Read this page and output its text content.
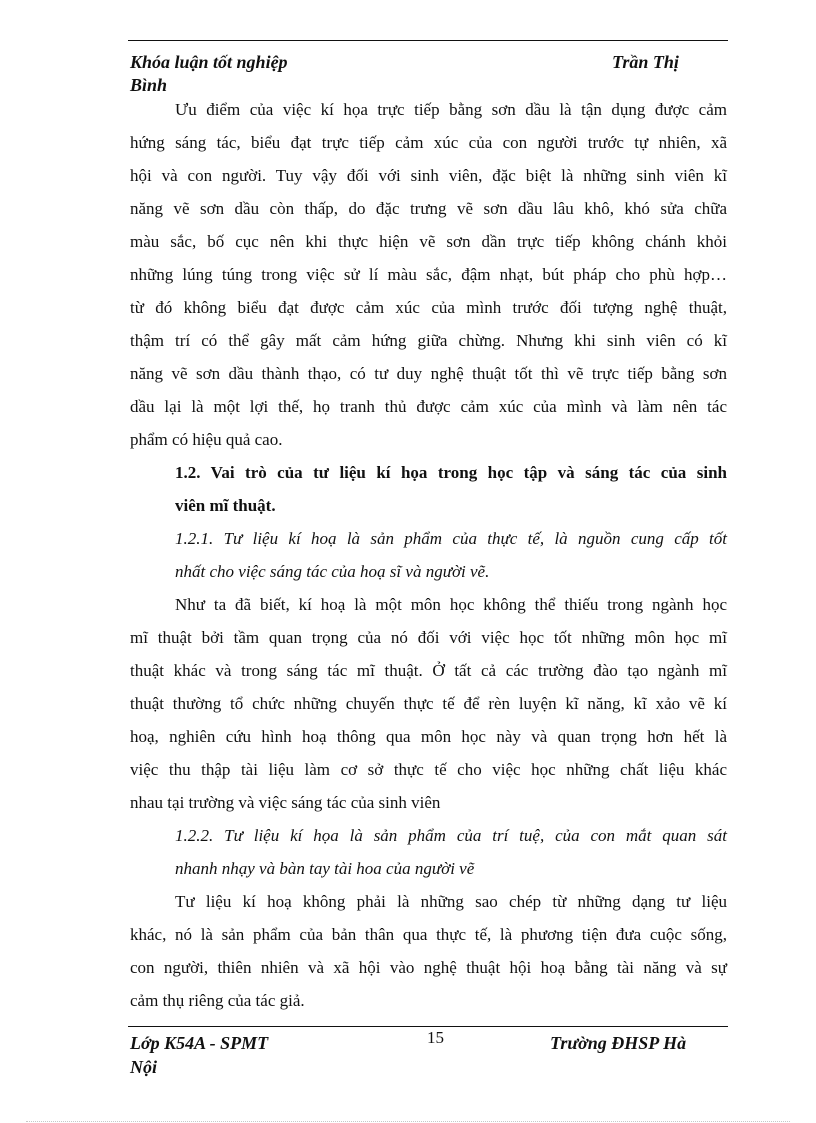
Khóa luận tốt nghiệp	Trần Thị
Bình
Ưu điểm của việc kí họa trực tiếp bằng sơn dầu là tận dụng được cảm
hứng sáng tác, biểu đạt trực tiếp cảm xúc của con người trước tự nhiên, xã
hội và con người. Tuy vậy đối với sinh viên, đặc biệt là những sinh viên kĩ
năng vẽ sơn dầu còn thấp, do đặc trưng vẽ sơn dầu lâu khô, khó sửa chữa
màu sắc, bố cục nên khi thực hiện vẽ sơn dần trực tiếp không chánh khỏi
những lúng túng trong việc sử lí màu sắc, đậm nhạt, bút pháp cho phù hợp…
từ đó không biểu đạt được cảm xúc của mình trước đối tượng nghệ thuật,
thậm trí có thể gây mất cảm hứng giữa chừng. Nhưng khi sinh viên có kĩ
năng vẽ sơn dầu thành thạo, có tư duy nghệ thuật tốt thì vẽ trực tiếp bằng sơn
dầu lại là một lợi thế, họ tranh thủ được cảm xúc của mình và làm nên tác
phẩm có hiệu quả cao.
1.2. Vai trò của tư liệu kí họa trong học tập và sáng tác của sinh
viên mĩ thuật.
1.2.1. Tư liệu kí hoạ là sản phẩm của thực tế, là nguồn cung cấp tốt
nhất cho việc sáng tác của hoạ sĩ và người vẽ.
Như ta đã biết, kí hoạ là một môn học không thể thiếu trong ngành học
mĩ thuật bởi tầm quan trọng của nó đối với việc học tốt những môn học mĩ
thuật khác và trong sáng tác mĩ thuật. Ở tất cả các trường đào tạo ngành mĩ
thuật thường tổ chức những chuyến thực tế để rèn luyện kĩ năng, kĩ xảo vẽ kí
hoạ, nghiên cứu hình hoạ thông qua môn học này và quan trọng hơn hết là
việc thu thập tài liệu làm cơ sở thực tế cho việc học những chất liệu khác
nhau tại trường và việc sáng tác của sinh viên
1.2.2. Tư liệu kí họa là sản phẩm của trí tuệ, của con mắt quan sát
nhanh nhạy và bàn tay tài hoa của người vẽ
Tư liệu kí hoạ không phải là những sao chép từ những dạng tư liệu
khác, nó là sản phẩm của bản thân qua thực tế, là phương tiện đưa cuộc sống,
con người, thiên nhiên và xã hội vào nghệ thuật hội hoạ bằng tài năng và sự
cảm thụ riêng của tác giả.
Lớp K54A - SPMT	15	Trường ĐHSP Hà
Nội
